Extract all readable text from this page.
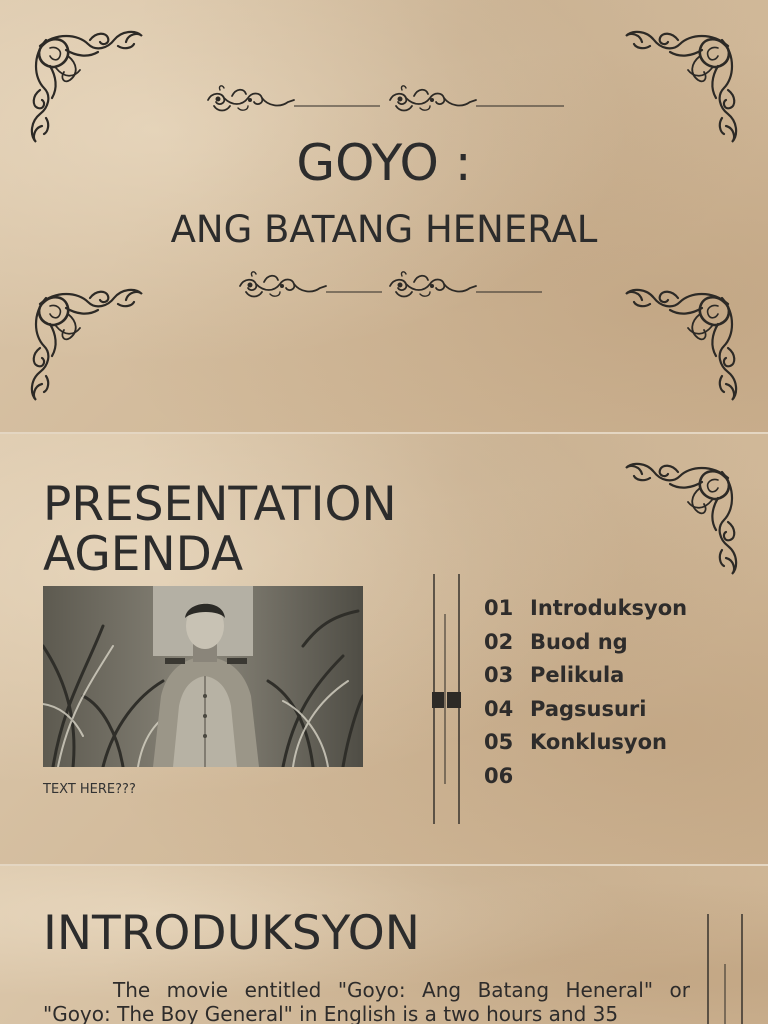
GOYO :
ANG BATANG HENERAL
PRESENTATION
AGENDA
TEXT HERE???
01 Introduksyon
02 Buod ng
03 Pelikula
04 Pagsusuri
05 Konklusyon
06
INTRODUKSYON
The movie entitled "Goyo: Ang Batang Heneral" or "Goyo: The Boy General" in English is a two hours and 35
